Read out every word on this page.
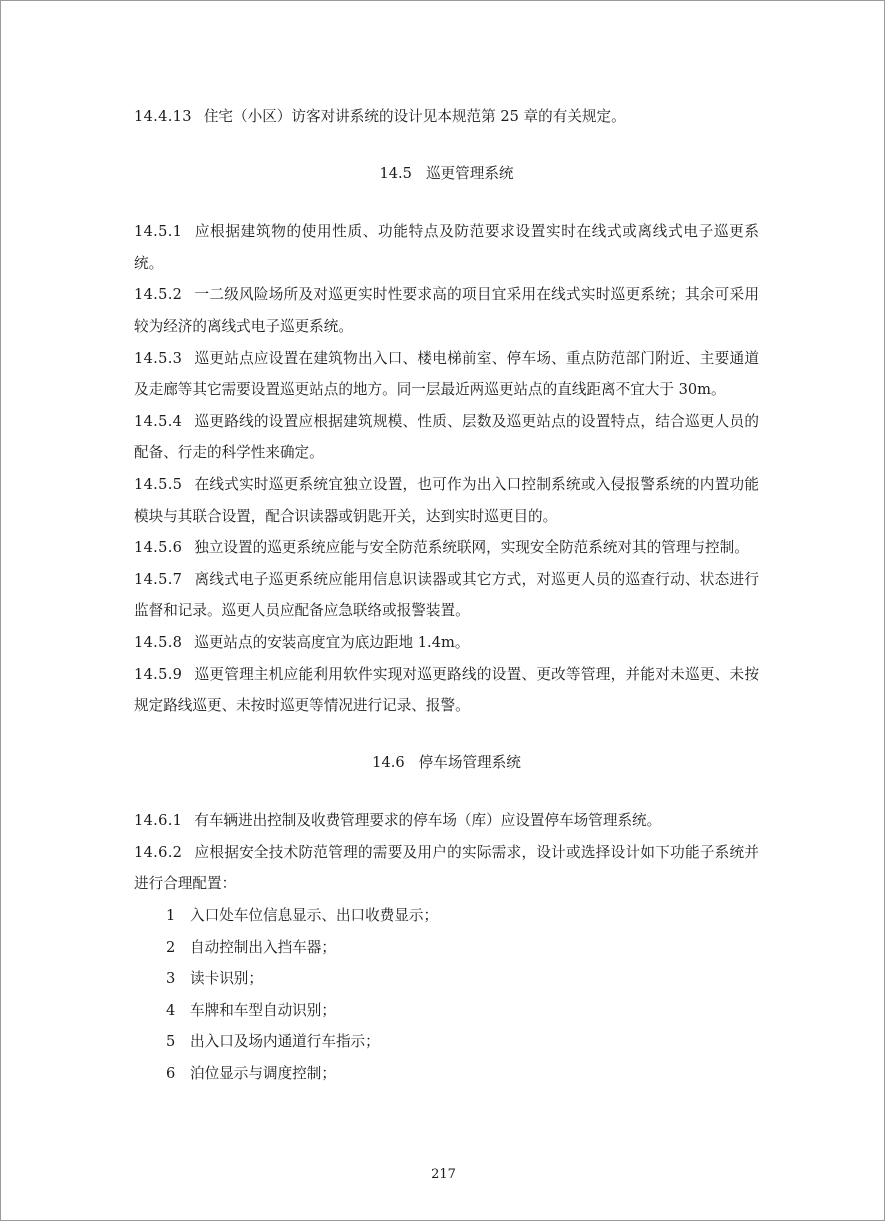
14.4.13 住宅（小区）访客对讲系统的设计见本规范第 25 章的有关规定。

14.5 巡更管理系统

14.5.1 应根据建筑物的使用性质、功能特点及防范要求设置实时在线式或离线式电子巡更系统。

14.5.2 一二级风险场所及对巡更实时性要求高的项目宜采用在线式实时巡更系统；其余可采用较为经济的离线式电子巡更系统。

14.5.3 巡更站点应设置在建筑物出入口、楼电梯前室、停车场、重点防范部门附近、主要通道及走廊等其它需要设置巡更站点的地方。同一层最近两巡更站点的直线距离不宜大于 30m。

14.5.4 巡更路线的设置应根据建筑规模、性质、层数及巡更站点的设置特点，结合巡更人员的配备、行走的科学性来确定。

14.5.5 在线式实时巡更系统宜独立设置，也可作为出入口控制系统或入侵报警系统的内置功能模块与其联合设置，配合识读器或钥匙开关，达到实时巡更目的。

14.5.6 独立设置的巡更系统应能与安全防范系统联网，实现安全防范系统对其的管理与控制。

14.5.7 离线式电子巡更系统应能用信息识读器或其它方式，对巡更人员的巡查行动、状态进行监督和记录。巡更人员应配备应急联络或报警装置。

14.5.8 巡更站点的安装高度宜为底边距地 1.4m。

14.5.9 巡更管理主机应能利用软件实现对巡更路线的设置、更改等管理，并能对未巡更、未按规定路线巡更、未按时巡更等情况进行记录、报警。

14.6 停车场管理系统

14.6.1 有车辆进出控制及收费管理要求的停车场（库）应设置停车场管理系统。

14.6.2 应根据安全技术防范管理的需要及用户的实际需求，设计或选择设计如下功能子系统并进行合理配置：

1 入口处车位信息显示、出口收费显示；
2 自动控制出入挡车器；
3 读卡识别；
4 车牌和车型自动识别；
5 出入口及场内通道行车指示；
6 泊位显示与调度控制；
217
